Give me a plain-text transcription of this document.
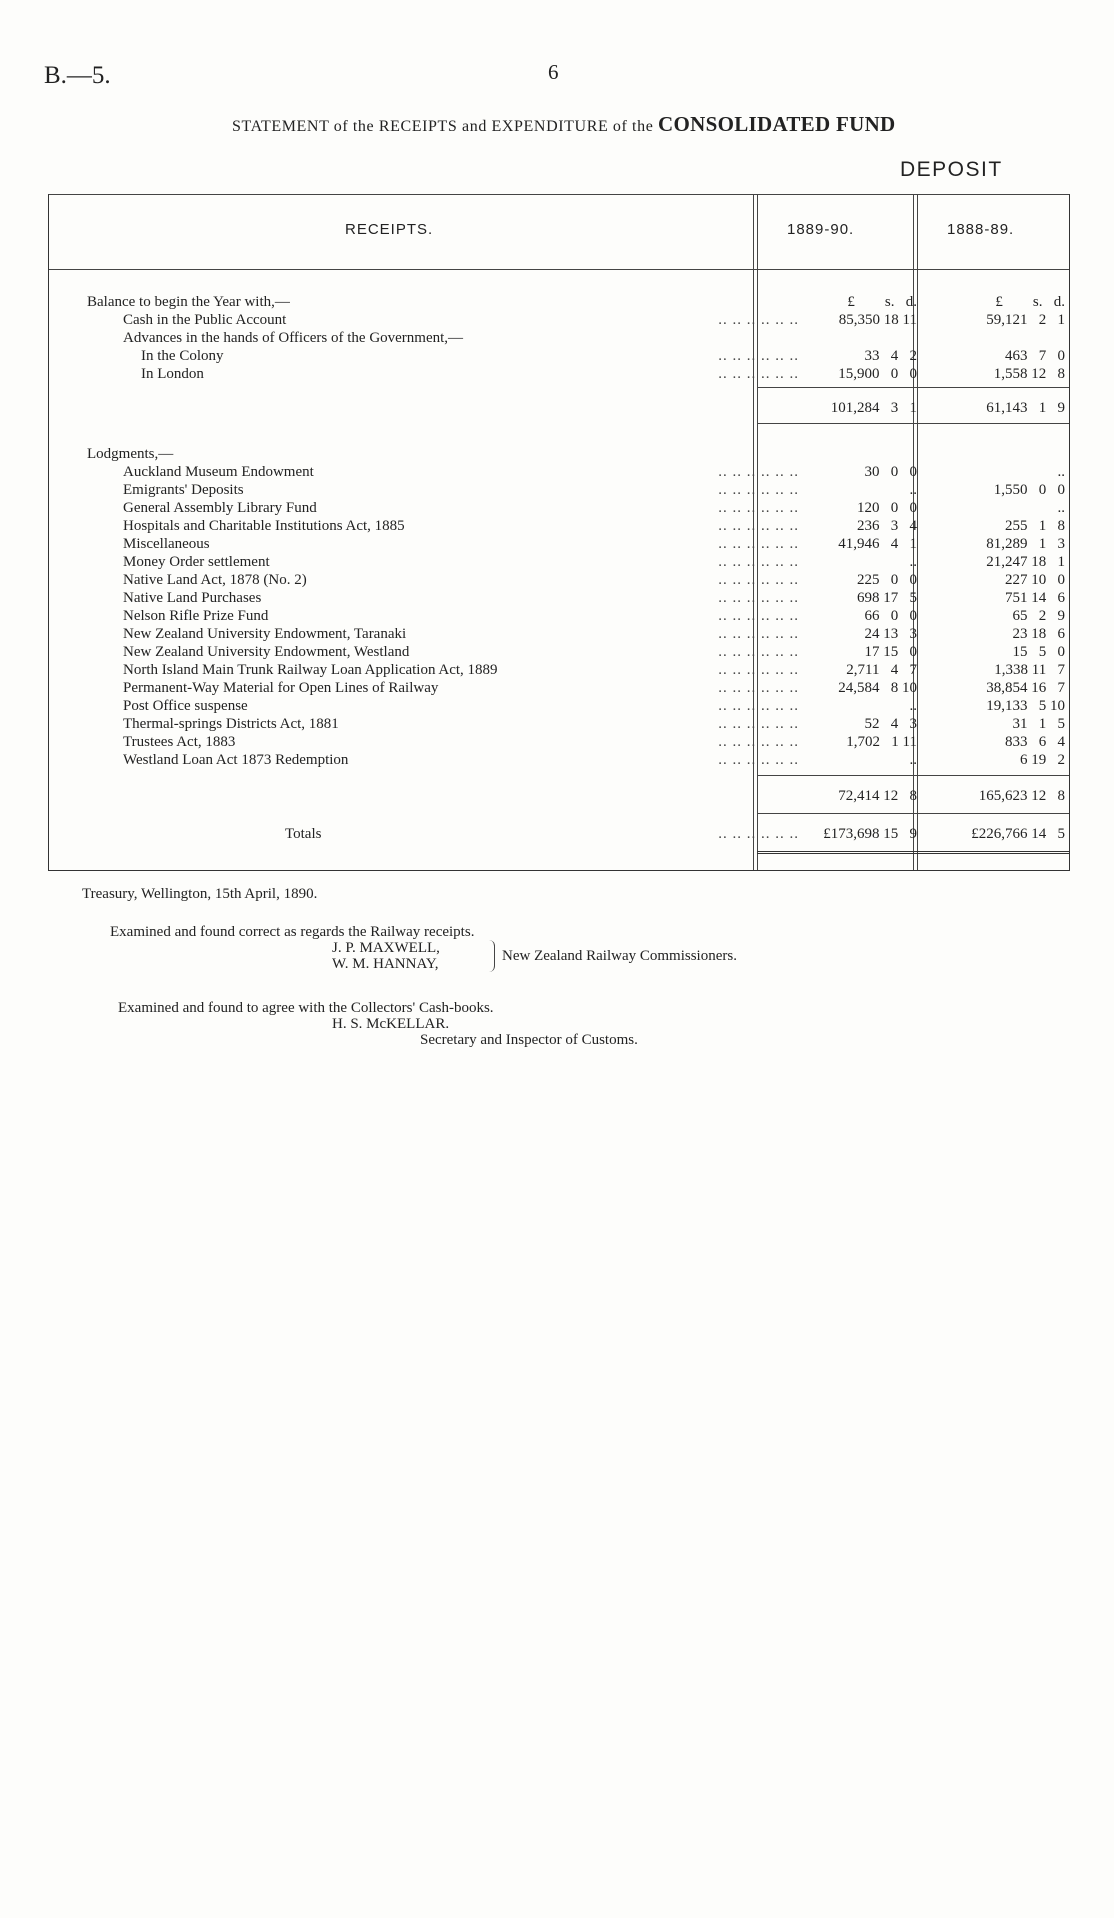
B.—5.	6
STATEMENT of the RECEIPTS and EXPENDITURE of the CONSOLIDATED FUND
DEPOSIT
RECEIPTS.	1889-90.	1888-89.
Balance to begin the Year with,—	£        s.   d.	£        s.   d.
Cash in the Public Account	.. .. .. .. .. ..	85,350 18 11	59,121   2   1
Advances in the hands of Officers of the Government,—
In the Colony	.. .. .. .. .. ..	33   4   2	463   7   0
In London	.. .. .. .. .. ..	15,900   0   0	1,558 12   8
101,284   3   1	61,143   1   9
Lodgments,—
Auckland Museum Endowment	.. .. .. .. .. ..	30   0   0	..
Emigrants' Deposits	.. .. .. .. .. ..	..	1,550   0   0
General Assembly Library Fund	.. .. .. .. .. ..	120   0   0	..
Hospitals and Charitable Institutions Act, 1885	.. .. .. .. .. ..	236   3   4	255   1   8
Miscellaneous	.. .. .. .. .. ..	41,946   4   1	81,289   1   3
Money Order settlement	.. .. .. .. .. ..	..	21,247 18   1
Native Land Act, 1878 (No. 2)	.. .. .. .. .. ..	225   0   0	227 10   0
Native Land Purchases	.. .. .. .. .. ..	698 17   5	751 14   6
Nelson Rifle Prize Fund	.. .. .. .. .. ..	66   0   0	65   2   9
New Zealand University Endowment, Taranaki	.. .. .. .. .. ..	24 13   3	23 18   6
New Zealand University Endowment, Westland	.. .. .. .. .. ..	17 15   0	15   5   0
North Island Main Trunk Railway Loan Application Act, 1889	.. .. .. .. .. ..	2,711   4   7	1,338 11   7
Permanent-Way Material for Open Lines of Railway	.. .. .. .. .. ..	24,584   8 10	38,854 16   7
Post Office suspense	.. .. .. .. .. ..	..	19,133   5 10
Thermal-springs Districts Act, 1881	.. .. .. .. .. ..	52   4   3	31   1   5
Trustees Act, 1883	.. .. .. .. .. ..	1,702   1 11	833   6   4
Westland Loan Act 1873 Redemption	.. .. .. .. .. ..	..	6 19   2
72,414 12   8	165,623 12   8
Totals	.. .. .. .. .. ..	£173,698 15   9	£226,766 14   5
Treasury, Wellington, 15th April, 1890.
Examined and found correct as regards the Railway receipts.
J. P. MAXWELL,
W. M. HANNAY,	New Zealand Railway Commissioners.
Examined and found to agree with the Collectors' Cash-books.
H. S. McKELLAR.
Secretary and Inspector of Customs.
